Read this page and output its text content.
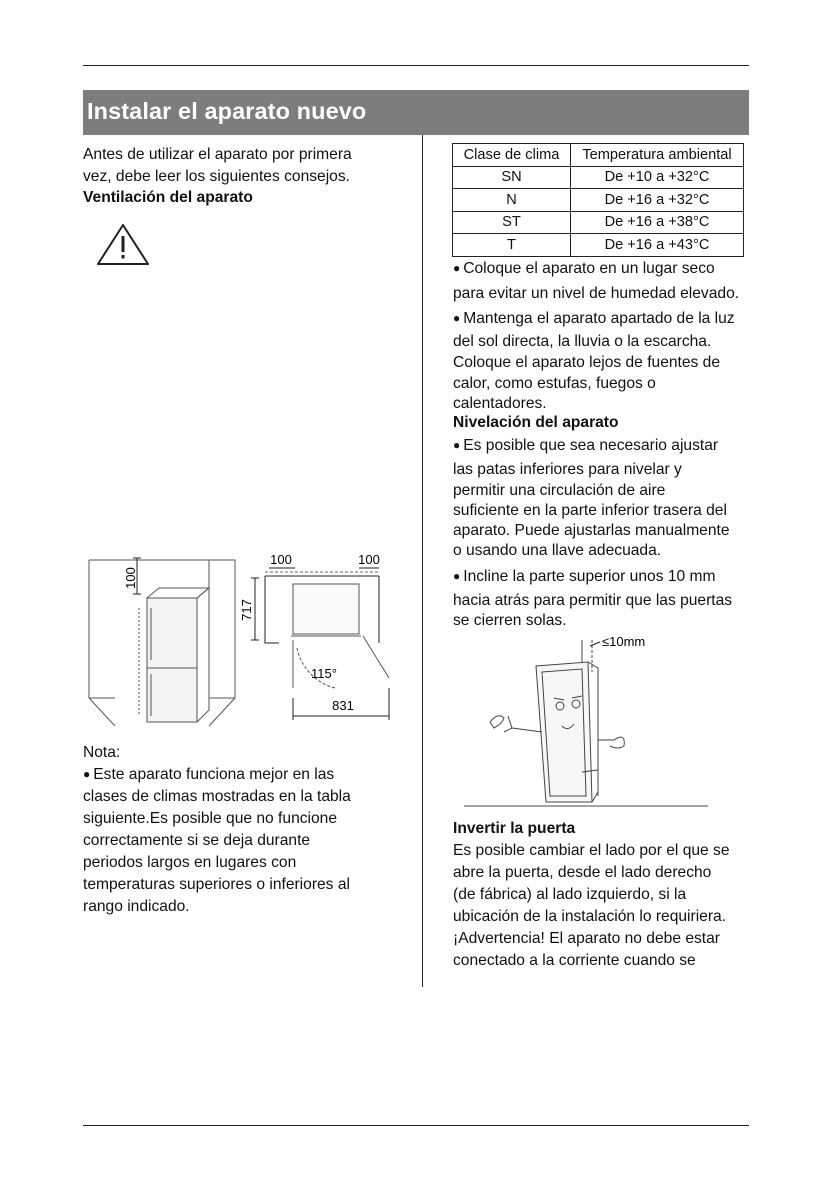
Instalar el aparato nuevo
Antes de utilizar el aparato por primera
vez, debe leer los siguientes consejos.
Ventilación del aparato
100
100	100
717
115°
831
Nota:
● Este aparato funciona mejor en las
clases de climas mostradas en la tabla
siguiente.Es posible que no funcione
correctamente si se deja durante
periodos largos en lugares con
temperaturas superiores o inferiores al
rango indicado.
Clase de clima	Temperatura ambiental
SN	De +10 a +32°C
N	De +16 a +32°C
ST	De +16 a +38°C
T	De +16 a +43°C
● Coloque el aparato en un lugar seco
para evitar un nivel de humedad elevado.
● Mantenga el aparato apartado de la luz
del sol directa, la lluvia o la escarcha.
Coloque el aparato lejos de fuentes de
calor, como estufas, fuegos o
calentadores.
Nivelación del aparato
● Es posible que sea necesario ajustar
las patas inferiores para nivelar y
permitir una circulación de aire
suficiente en la parte inferior trasera del
aparato. Puede ajustarlas manualmente
o usando una llave adecuada.
● Incline la parte superior unos 10 mm
hacia atrás para permitir que las puertas
se cierren solas.
≤10mm
Invertir la puerta
Es posible cambiar el lado por el que se
abre la puerta, desde el lado derecho
(de fábrica) al lado izquierdo, si la
ubicación de la instalación lo requiriera.
¡Advertencia! El aparato no debe estar
conectado a la corriente cuando se
